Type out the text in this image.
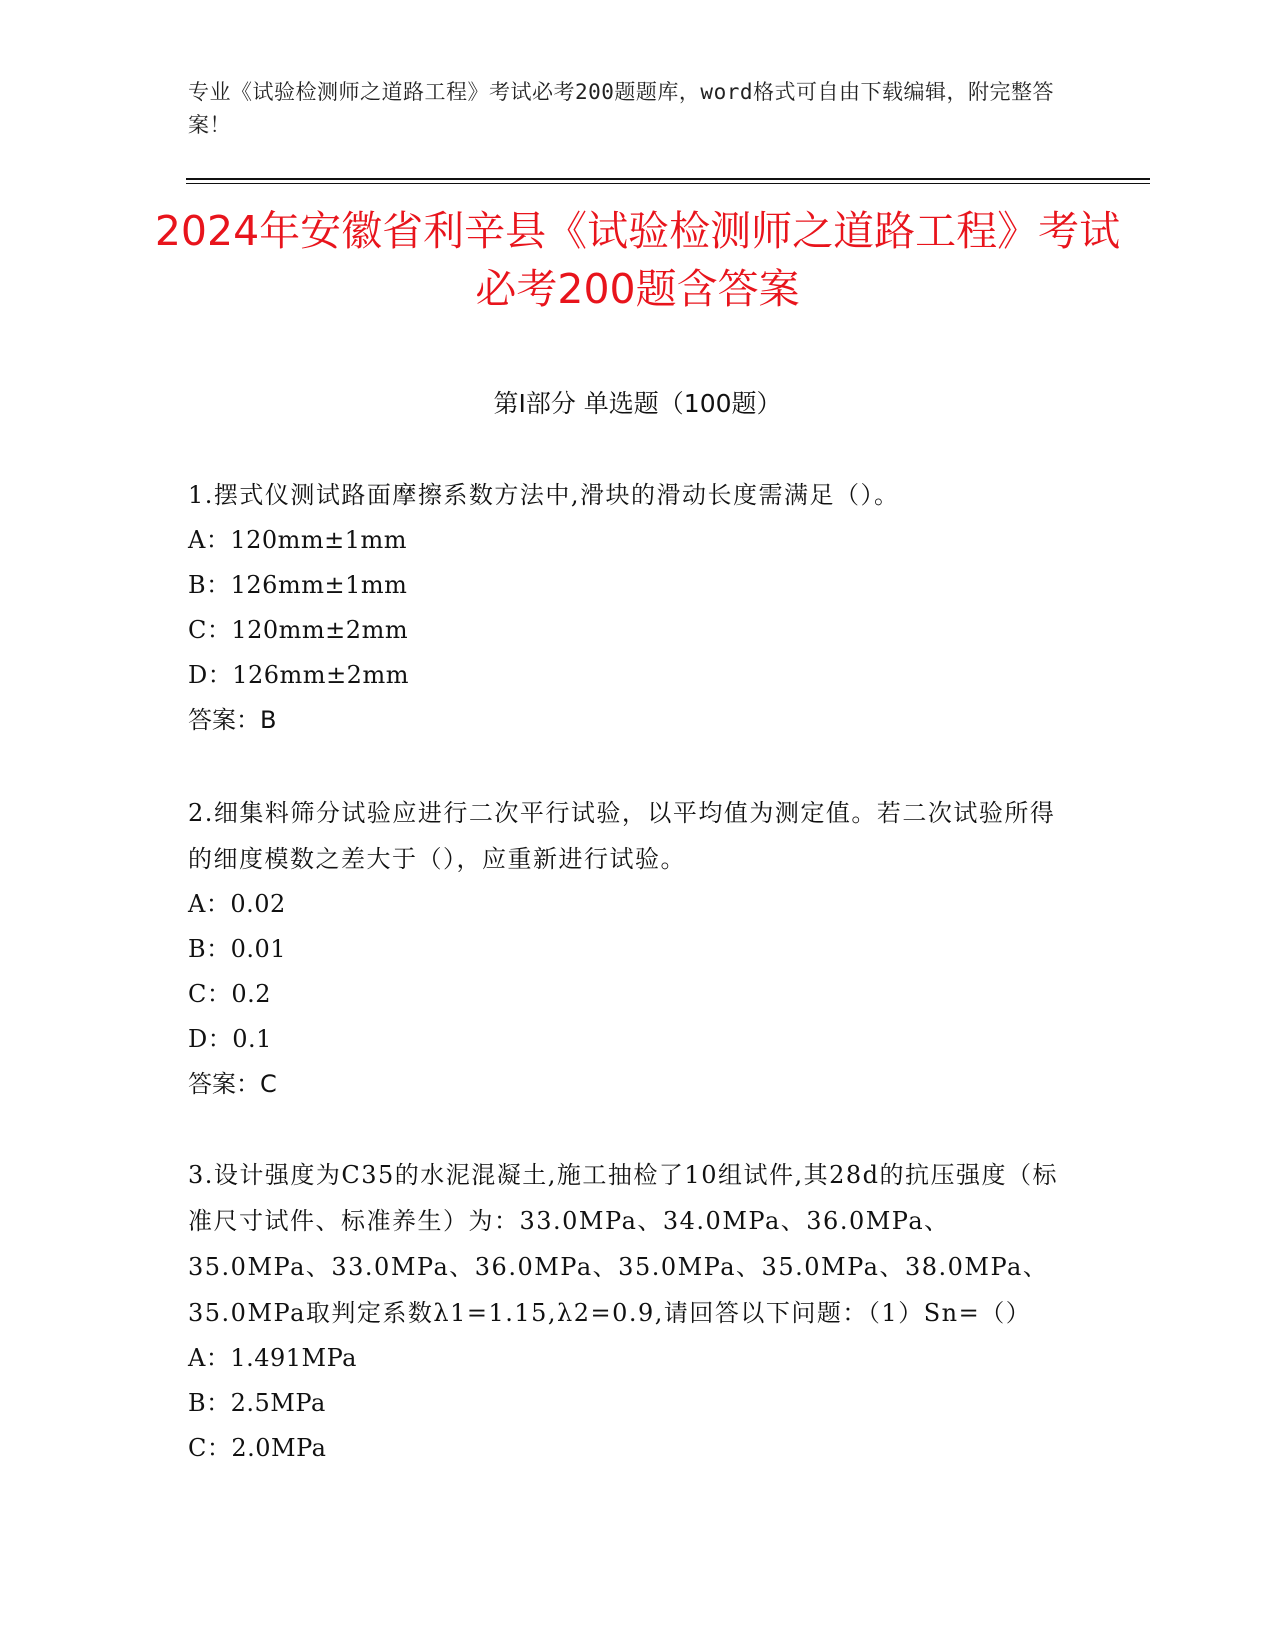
专业《试验检测师之道路工程》考试必考200题题库，word格式可自由下载编辑，附完整答案！
2024年安徽省利辛县《试验检测师之道路工程》考试必考200题含答案
第I部分 单选题（100题）

1.摆式仪测试路面摩擦系数方法中,滑块的滑动长度需满足（）。

A：120mm±1mm

B：126mm±1mm

C：120mm±2mm

D：126mm±2mm

答案：B

2.细集料筛分试验应进行二次平行试验，以平均值为测定值。若二次试验所得的细度模数之差大于（），应重新进行试验。

A：0.02

B：0.01

C：0.2

D：0.1

答案：C

3.设计强度为C35的水泥混凝土,施工抽检了10组试件,其28d的抗压强度（标准尺寸试件、标准养生）为：33.0MPa、34.0MPa、36.0MPa、35.0MPa、33.0MPa、36.0MPa、35.0MPa、35.0MPa、38.0MPa、35.0MPa取判定系数λ1=1.15,λ2=0.9,请回答以下问题：（1）Sn=（）

A：1.491MPa

B：2.5MPa

C：2.0MPa
